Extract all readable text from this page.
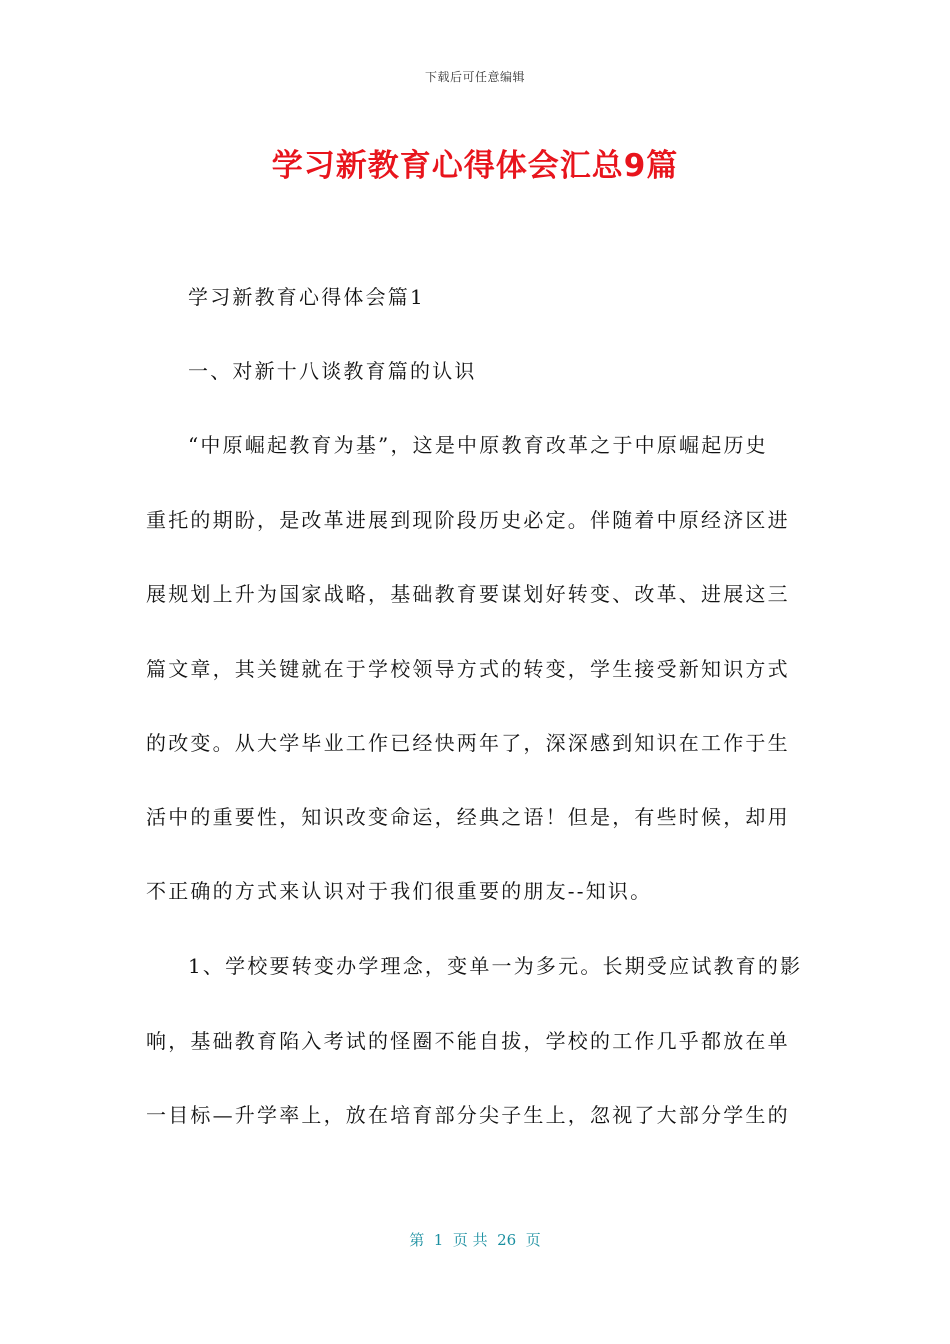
下载后可任意编辑
学习新教育心得体会汇总9篇
学习新教育心得体会篇1
一、对新十八谈教育篇的认识
“中原崛起教育为基”，这是中原教育改革之于中原崛起历史
重托的期盼，是改革进展到现阶段历史必定。伴随着中原经济区进
展规划上升为国家战略，基础教育要谋划好转变、改革、进展这三
篇文章，其关键就在于学校领导方式的转变，学生接受新知识方式
的改变。从大学毕业工作已经快两年了，深深感到知识在工作于生
活中的重要性，知识改变命运，经典之语！但是，有些时候，却用
不正确的方式来认识对于我们很重要的朋友--知识。
1、学校要转变办学理念，变单一为多元。长期受应试教育的影
响，基础教育陷入考试的怪圈不能自拔，学校的工作几乎都放在单
一目标—升学率上，放在培育部分尖子生上，忽视了大部分学生的
第  1  页 共  26  页
